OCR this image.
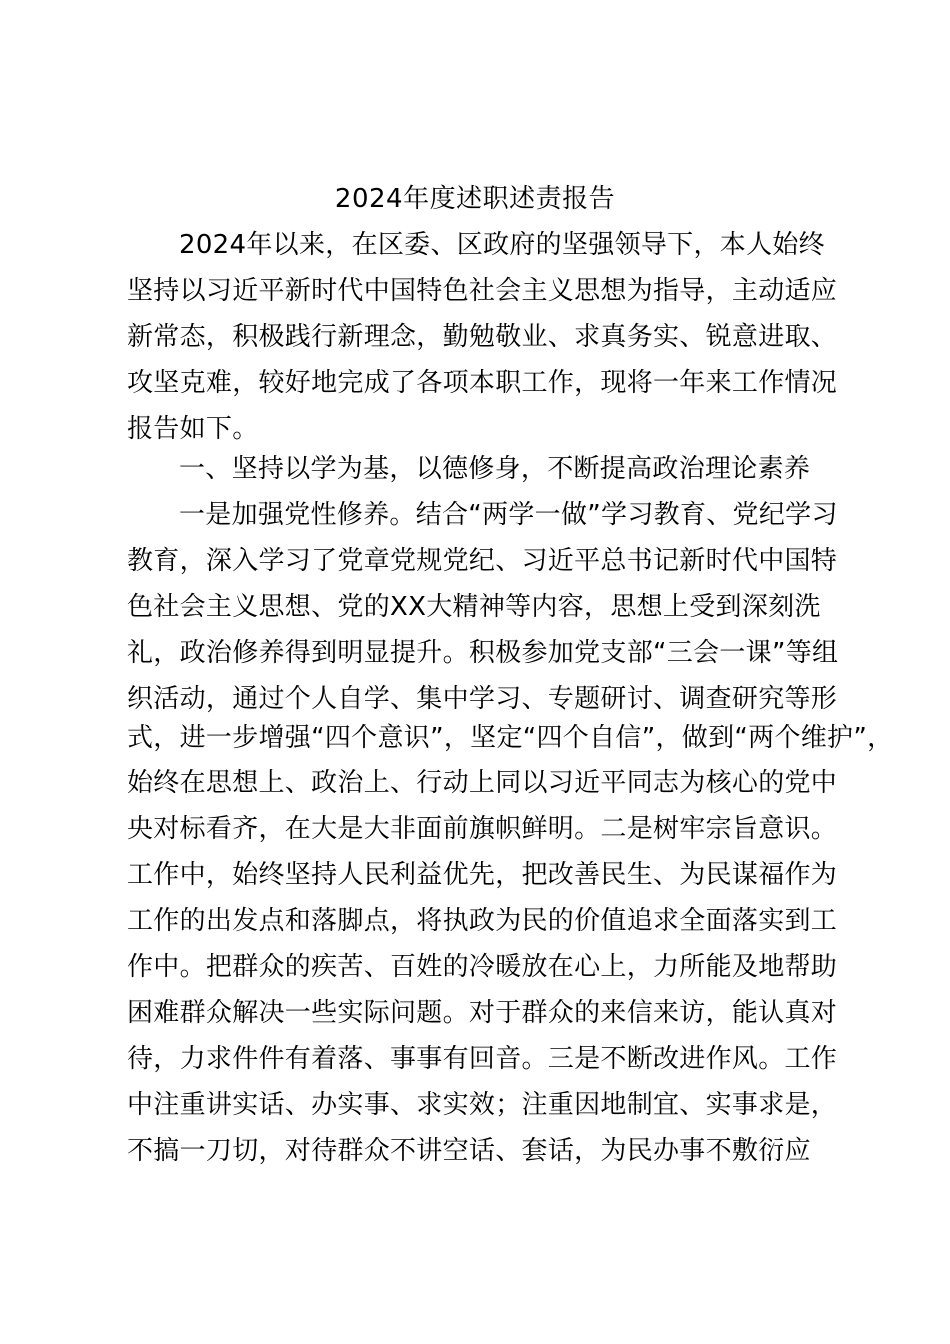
2024年度述职述责报告
2024年以来，在区委、区政府的坚强领导下，本人始终
坚持以习近平新时代中国特色社会主义思想为指导，主动适应
新常态，积极践行新理念，勤勉敬业、求真务实、锐意进取、
攻坚克难，较好地完成了各项本职工作，现将一年来工作情况
报告如下。
一、坚持以学为基，以德修身，不断提高政治理论素养
一是加强党性修养。结合“两学一做”学习教育、党纪学习
教育，深入学习了党章党规党纪、习近平总书记新时代中国特
色社会主义思想、党的XX大精神等内容，思想上受到深刻洗
礼，政治修养得到明显提升。积极参加党支部“三会一课”等组
织活动，通过个人自学、集中学习、专题研讨、调查研究等形
式，进一步增强“四个意识”，坚定“四个自信”，做到“两个维护”，
始终在思想上、政治上、行动上同以习近平同志为核心的党中
央对标看齐，在大是大非面前旗帜鲜明。二是树牢宗旨意识。
工作中，始终坚持人民利益优先，把改善民生、为民谋福作为
工作的出发点和落脚点，将执政为民的价值追求全面落实到工
作中。把群众的疾苦、百姓的冷暖放在心上，力所能及地帮助
困难群众解决一些实际问题。对于群众的来信来访，能认真对
待，力求件件有着落、事事有回音。三是不断改进作风。工作
中注重讲实话、办实事、求实效；注重因地制宜、实事求是，
不搞一刀切，对待群众不讲空话、套话，为民办事不敷衍应
